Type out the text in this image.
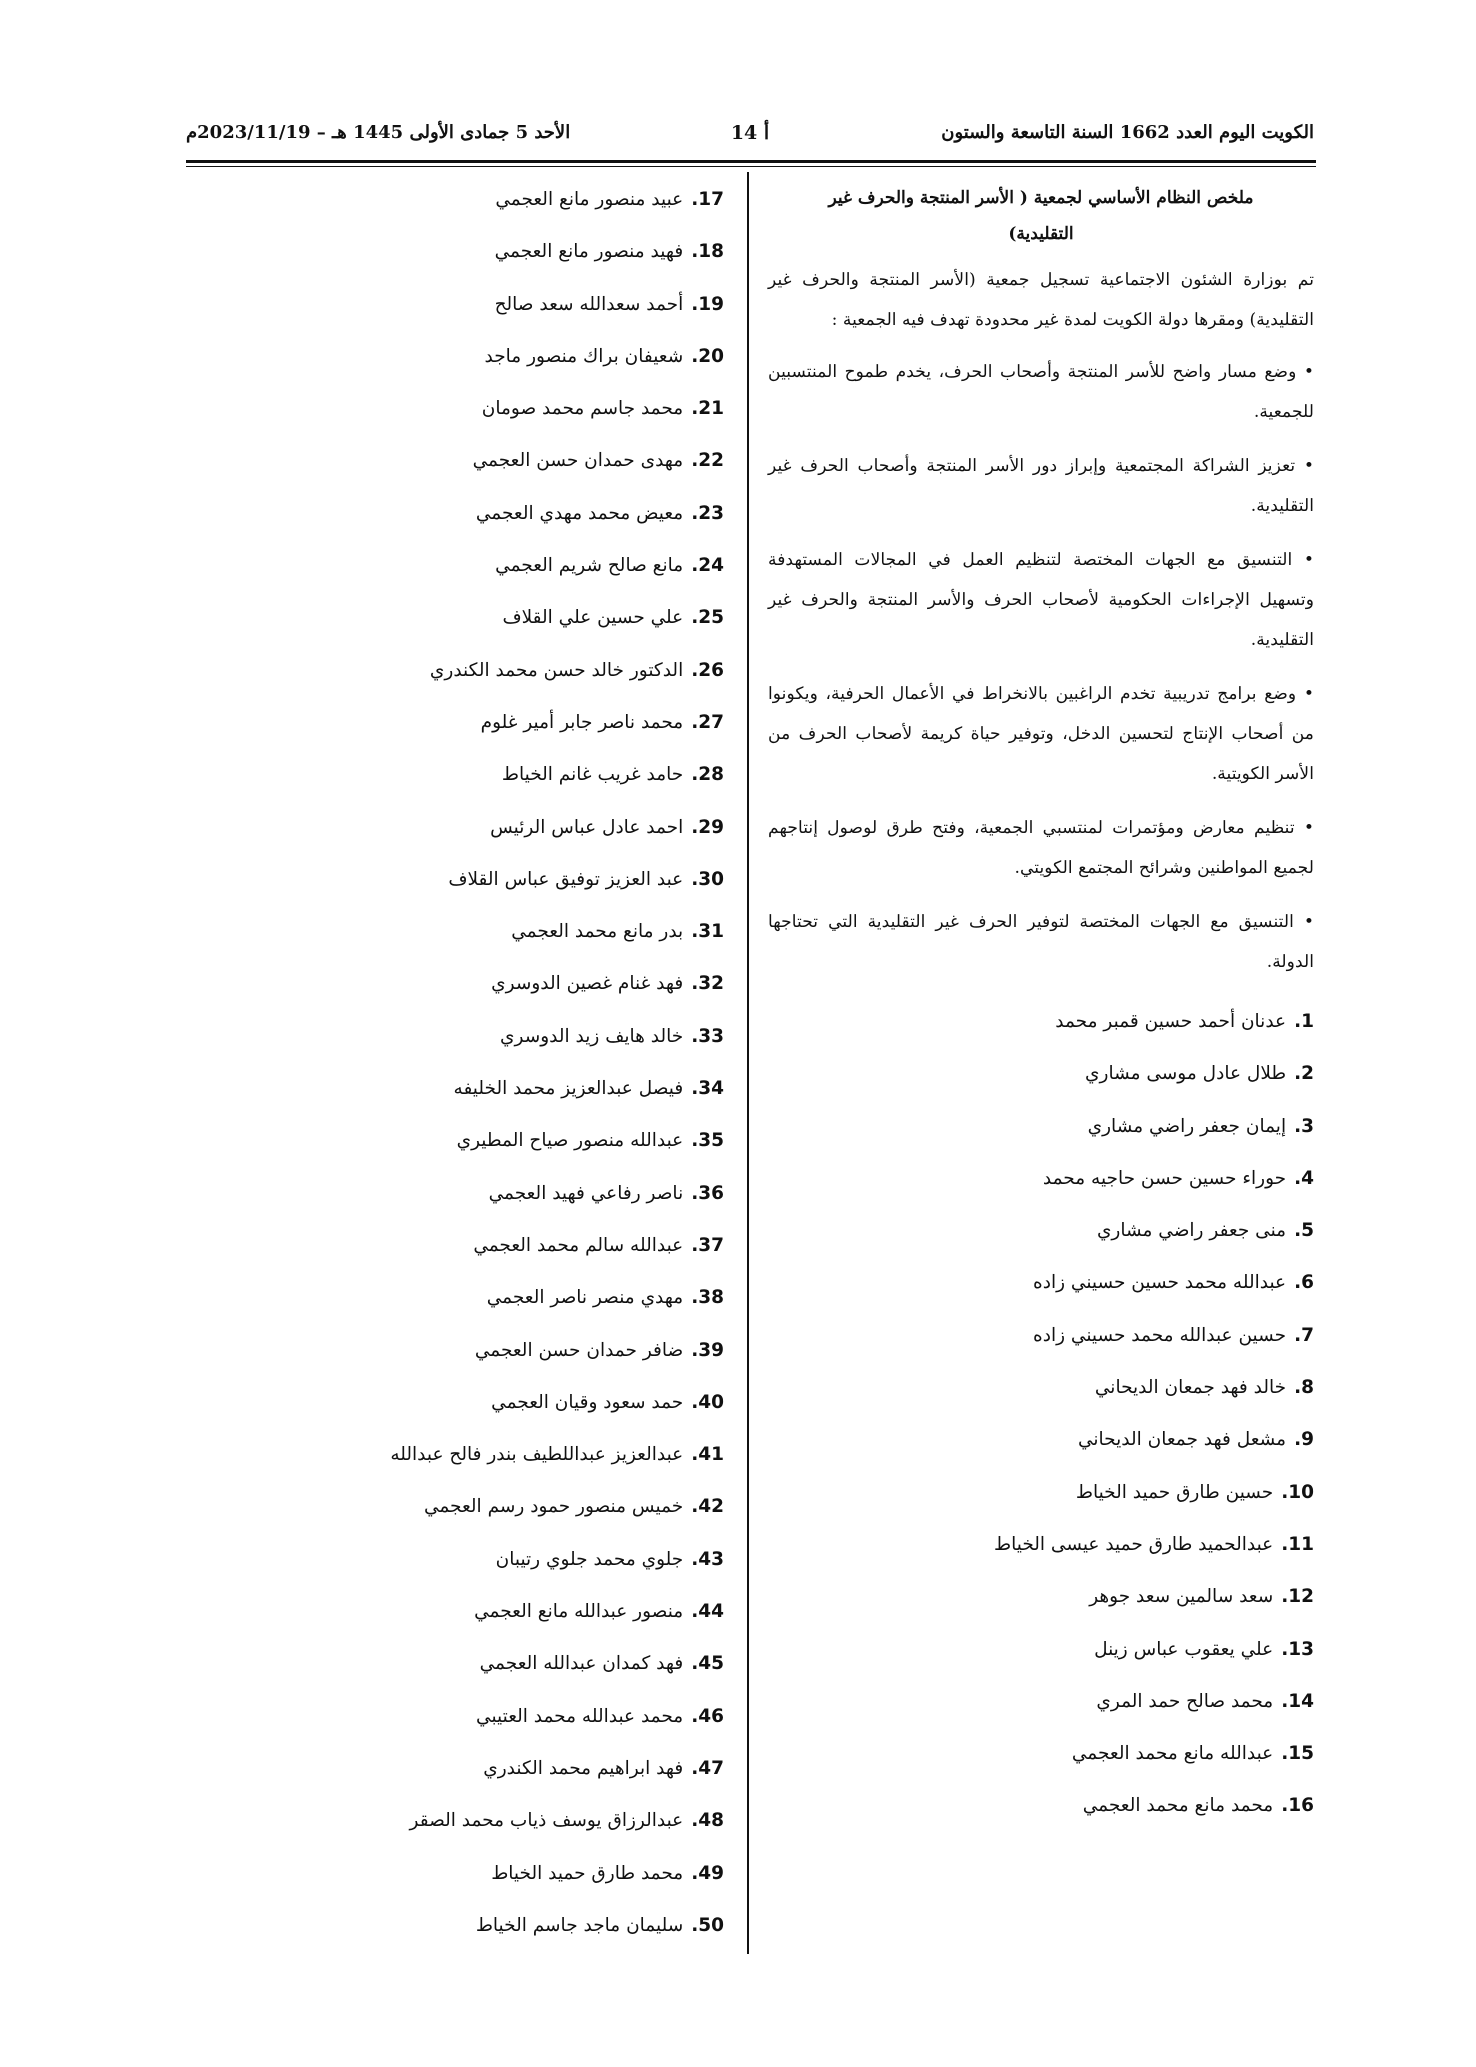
الكويت اليوم العدد 1662 السنة التاسعة والستون
أ 14
الأحد 5 جمادى الأولى 1445 هـ – 2023/11/19م
ملخص النظام الأساسي لجمعية ( الأسر المنتجة والحرف غير
التقليدية)

تم بوزارة الشئون الاجتماعية تسجيل جمعية (الأسر المنتجة والحرف غير التقليدية) ومقرها دولة الكويت لمدة غير محدودة تهدف فيه الجمعية :

• وضع مسار واضح للأسر المنتجة وأصحاب الحرف، يخدم طموح المنتسبين للجمعية.

• تعزيز الشراكة المجتمعية وإبراز دور الأسر المنتجة وأصحاب الحرف غير التقليدية.

• التنسيق مع الجهات المختصة لتنظيم العمل في المجالات المستهدفة وتسهيل الإجراءات الحكومية لأصحاب الحرف والأسر المنتجة والحرف غير التقليدية.

• وضع برامج تدريبية تخدم الراغبين بالانخراط في الأعمال الحرفية، ويكونوا من أصحاب الإنتاج لتحسين الدخل، وتوفير حياة كريمة لأصحاب الحرف من الأسر الكويتية.

• تنظيم معارض ومؤتمرات لمنتسبي الجمعية، وفتح طرق لوصول إنتاجهم لجميع المواطنين وشرائح المجتمع الكويتي.

• التنسيق مع الجهات المختصة لتوفير الحرف غير التقليدية التي تحتاجها الدولة.

1.عدنان أحمد حسين قمبر محمد
2.طلال عادل موسى مشاري
3.إيمان جعفر راضي مشاري
4.حوراء حسين حسن حاجيه محمد
5.منى جعفر راضي مشاري
6.عبدالله محمد حسين حسيني زاده
7.حسين عبدالله محمد حسيني زاده
8.خالد فهد جمعان الديحاني
9.مشعل فهد جمعان الديحاني
10.حسين طارق حميد الخياط
11.عبدالحميد طارق حميد عيسى الخياط
12.سعد سالمين سعد جوهر
13.علي يعقوب عباس زينل
14.محمد صالح حمد المري
15.عبدالله مانع محمد العجمي
16.محمد مانع محمد العجمي
17.عبيد منصور مانع العجمي
18.فهيد منصور مانع العجمي
19.أحمد سعدالله سعد صالح
20.شعيفان براك منصور ماجد
21.محمد جاسم محمد صومان
22.مهدى حمدان حسن العجمي
23.معيض محمد مهدي العجمي
24.مانع صالح شريم العجمي
25.علي حسين علي القلاف
26.الدكتور خالد حسن محمد الكندري
27.محمد ناصر جابر أمير غلوم
28.حامد غريب غانم الخياط
29.احمد عادل عباس الرئيس
30.عبد العزيز توفيق عباس القلاف
31.بدر مانع محمد العجمي
32.فهد غنام غصين الدوسري
33.خالد هايف زيد الدوسري
34.فيصل عبدالعزيز محمد الخليفه
35.عبدالله منصور صياح المطيري
36.ناصر رفاعي فهيد العجمي
37.عبدالله سالم محمد العجمي
38.مهدي منصر ناصر العجمي
39.ضافر حمدان حسن العجمي
40.حمد سعود وقيان العجمي
41.عبدالعزيز عبداللطيف بندر فالح عبدالله
42.خميس منصور حمود رسم العجمي
43.جلوي محمد جلوي رتيبان
44.منصور عبدالله مانع العجمي
45.فهد كمدان عبدالله العجمي
46.محمد عبدالله محمد العتيبي
47.فهد ابراهيم محمد الكندري
48.عبدالرزاق يوسف ذياب محمد الصقر
49.محمد طارق حميد الخياط
50.سليمان ماجد جاسم الخياط
